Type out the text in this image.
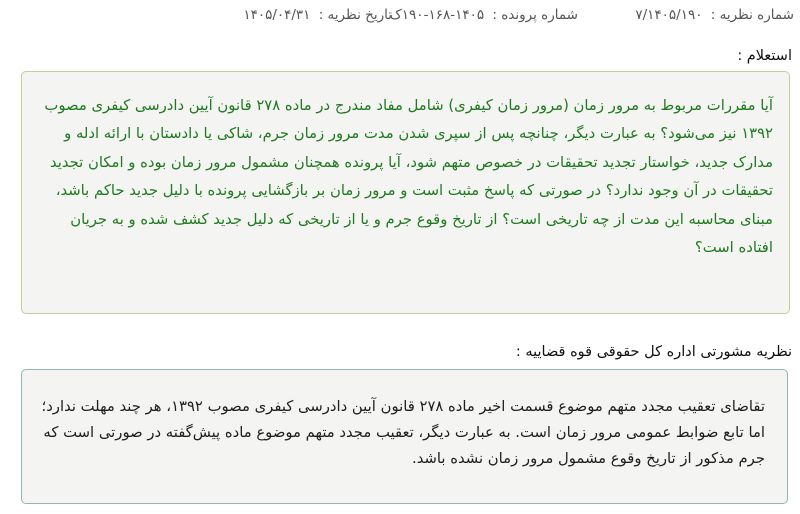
شماره نظریه : ۷/۱۴۰۵/۱۹۰
شماره پرونده : ۱۴۰۵-۱۶۸-۱۹۰ک
تاریخ نظریه : ۱۴۰۵/۰۴/۳۱
استعلام :
آیا مقررات مربوط به مرور زمان (مرور زمان کیفری) شامل مفاد مندرج در ماده ۲۷۸ قانون آیین دادرسی کیفری مصوب ۱۳۹۲ نیز می‌شود؟ به عبارت دیگر، چنانچه پس از سپری شدن مدت مرور زمان جرم، شاکی یا دادستان با ارائه ادله و مدارک جدید، خواستار تجدید تحقیقات در خصوص متهم شود، آیا پرونده همچنان مشمول مرور زمان بوده و امکان تجدید تحقیقات در آن وجود ندارد؟ در صورتی که پاسخ مثبت است و مرور زمان بر بازگشایی پرونده با دلیل جدید حاکم باشد، مبنای محاسبه این مدت از چه تاریخی است؟ از تاریخ وقوع جرم و یا از تاریخی که دلیل جدید کشف شده و به جریان افتاده است؟
نظریه مشورتی اداره کل حقوقی قوه قضاییه :
تقاضای تعقیب مجدد متهم موضوع قسمت اخیر ماده ۲۷۸ قانون آیین دادرسی کیفری مصوب ۱۳۹۲، هر چند مهلت ندارد؛ اما تابع ضوابط عمومی مرور زمان است. به عبارت دیگر، تعقیب مجدد متهم موضوع ماده پیش‌گفته در صورتی است که جرم مذکور از تاریخ وقوع مشمول مرور زمان نشده باشد.
